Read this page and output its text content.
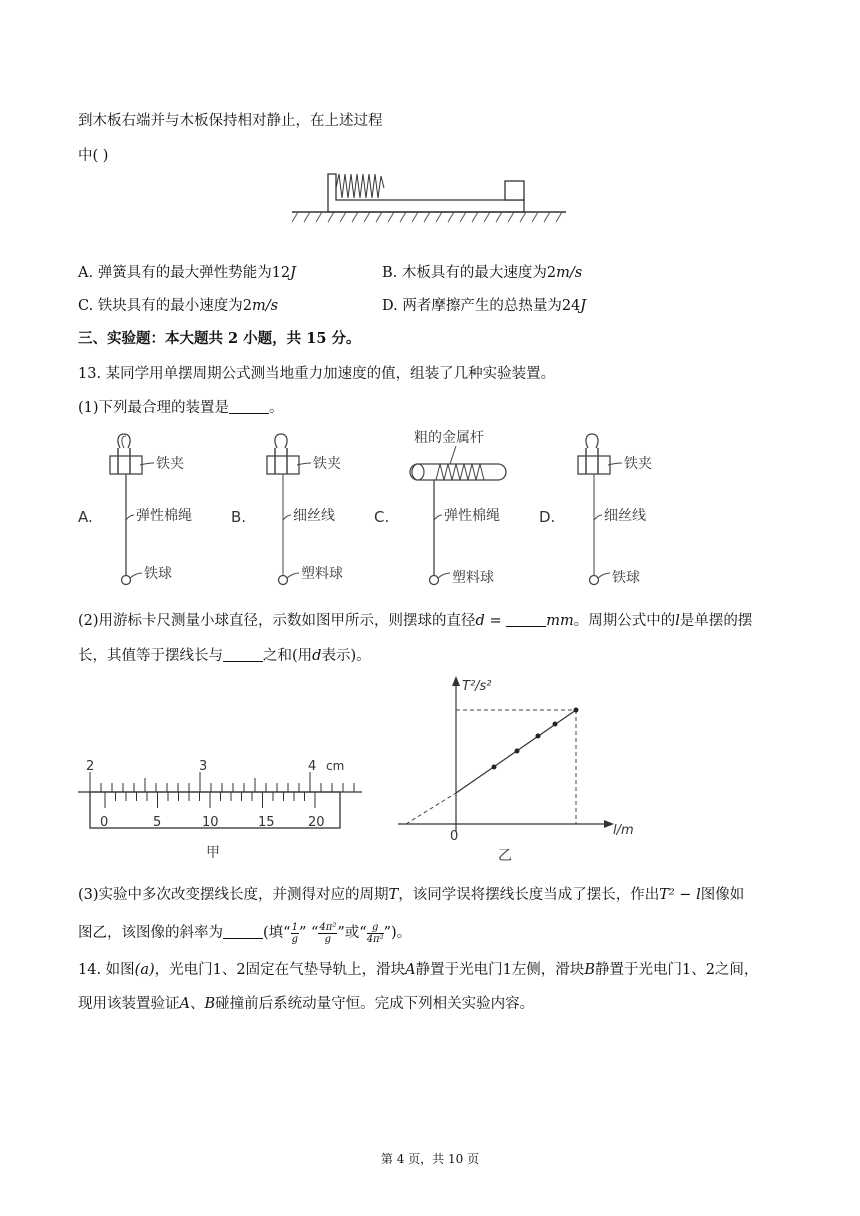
到木板右端并与木板保持相对静止，在上述过程
中( )
A. 弹簧具有的最大弹性势能为12J	B. 木板具有的最大速度为2m/s
C. 铁块具有的最小速度为2m/s	D. 两者摩擦产生的总热量为24J
三、实验题：本大题共 2 小题，共 15 分。
13. 某同学用单摆周期公式测当地重力加速度的值，组装了几种实验装置。
(1)下列最合理的装置是	。
A.
铁夹
弹性棉绳
铁球
B.
铁夹
细丝线
塑料球
C.
粗的金属杆
弹性棉绳
塑料球
D.
铁夹
细丝线
铁球
(2)用游标卡尺测量小球直径，示数如图甲所示，则摆球的直径d =	mm。周期公式中的l是单摆的摆
长，其值等于摆线长与	之和(用d表示)。
2	3	4 cm
0	5	10	15	20
甲
T²/s²
l/m
0
乙
(3)实验中多次改变摆线长度，并测得对应的周期T，该同学误将摆线长度当成了摆长，作出T² − l图像如
图乙，该图像的斜率为	(填“ $\frac{1}{g}$ ” “ $\frac{\text{4π²}}{g}$ ”或“ $\frac{g}{\text{4π²}}$ ”)。
14. 如图(a)，光电门1、2固定在气垫导轨上，滑块A静置于光电门1左侧，滑块B静置于光电门1、2之间，
现用该装置验证A、B碰撞前后系统动量守恒。完成下列相关实验内容。
第 4 页，共 10 页
